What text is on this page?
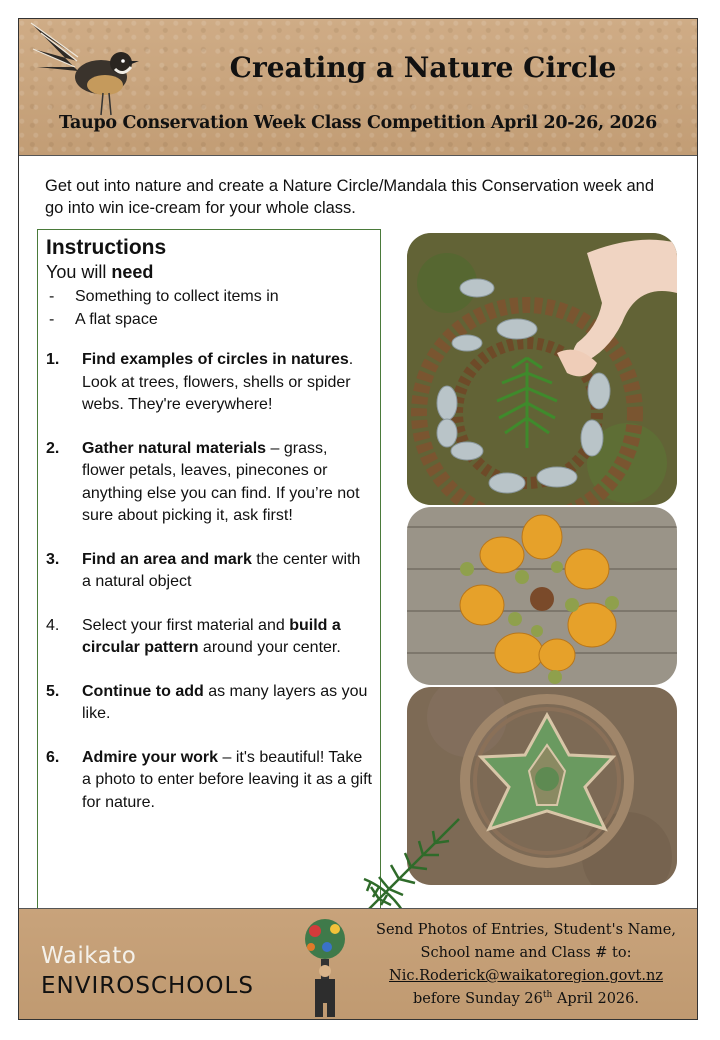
Creating a Nature Circle
Taupo Conservation Week Class Competition April 20-26, 2026
Get out into nature and create a Nature Circle/Mandala this Conservation week and go into win ice-cream for your whole class.
Instructions
You will need
- Something to collect items in
- A flat space
1. Find examples of circles in natures. Look at trees, flowers, shells or spider webs. They're everywhere!
2. Gather natural materials – grass, flower petals, leaves, pinecones or anything else you can find. If you’re not sure about picking it, ask first!
3. Find an area and mark the center with a natural object
4. Select your first material and build a circular pattern around your center.
5. Continue to add as many layers as you like.
6. Admire your work – it's beautiful! Take a photo to enter before leaving it as a gift for nature.
Waikato
ENVIROSCHOOLS
Send Photos of Entries, Student's Name,
School name and Class # to:
Nic.Roderick@waikatoregion.govt.nz
before Sunday 26th April 2026.
